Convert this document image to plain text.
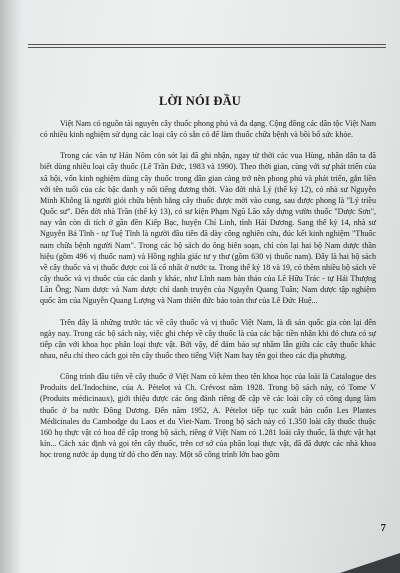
LỜI NÓI ĐẦU

Việt Nam có nguồn tài nguyên cây thuốc phong phú và đa dạng. Cộng đồng các dân tộc Việt Nam có nhiều kinh nghiệm sử dụng các loại cây cỏ sẵn có để làm thuốc chữa bệnh và bồi bổ sức khỏe.

Trong các văn tự Hán Nôm còn sót lại đã ghi nhận, ngay từ thời các vua Hùng, nhân dân ta đã biết dùng nhiều loại cây thuốc (Lê Trần Đức, 1983 và 1990). Theo thời gian, cùng với sự phát triển của xã hội, vốn kinh nghiệm dùng cây thuốc trong dân gian càng trở nên phong phú và phát triển, gắn liền với tên tuổi của các bậc danh y nổi tiếng đương thời. Vào đời nhà Lý (thế kỷ 12), có nhà sư Nguyễn Minh Không là người giỏi chữa bệnh bằng cây thuốc được mời vào cung, sau được phong là "Lý triều Quốc sư". Đến đời nhà Trần (thế kỷ 13), có sư kiện Phạm Ngũ Lão xây dựng vườn thuốc "Dược Sơn", nay vẫn còn di tích ở gần đền Kiếp Bạc, huyện Chí Linh, tỉnh Hải Dương. Sang thế kỷ 14, nhà sư Nguyễn Bá Tĩnh - tự Tuệ Tĩnh là người đầu tiên đã dày công nghiên cứu, đúc kết kinh nghiệm "Thuốc nam chữa bệnh người Nam". Trong các bộ sách do ông biên soạn, chỉ còn lại hai bộ Nam dược thần hiệu (gồm 496 vị thuốc nam) và Hồng nghĩa giác tư y thư (gồm 630 vị thuốc nam). Đây là hai bộ sách về cây thuốc và vị thuốc được coi là cổ nhất ở nước ta. Trong thế kỷ 18 và 19, có thêm nhiều bộ sách về cây thuốc và vị thuốc của các danh y khác, như Lĩnh nam bản thảo của Lê Hữu Trác - tự Hải Thượng Lãn Ông; Nam dược và Nam dược chỉ danh truyện của Nguyễn Quang Tuân; Nam dược tập nghiệm quốc âm của Nguyễn Quang Lượng và Nam thiên đức bảo toàn thư của Lê Đức Huệ...

Trên đây là những trước tác về cây thuốc và vị thuốc Việt Nam, là di sản quốc gia còn lại đến ngày nay. Trong các bộ sách này, việc ghi chép về cây thuốc là của các bậc tiền nhân khi đó chưa có sự tiếp cận với khoa học phân loại thực vật. Bởi vậy, để đảm bảo sự nhầm lẫn giữa các cây thuốc khác nhau, nếu chỉ theo cách gọi tên cây thuốc theo tiếng Việt Nam hay tên gọi theo các địa phương.

Công trình đầu tiên về cây thuốc ở Việt Nam có kèm theo tên khoa học của loài là Catalogue des Produits deL'Indochine, của A. Pételot và Ch. Crévost năm 1928. Trong bộ sách này, có Tome V (Produits médicinaux), giới thiệu được các ông đánh riêng đề cập về các loài cây có công dụng làm thuốc ở ba nước Đông Dương. Đến năm 1952, A. Pételot tiếp tục xuất bản cuốn Les Plantes Médicinales du Cambodge du Laos et du Viet-Nam. Trong bộ sách này có 1.350 loài cây thuốc thuộc 160 họ thực vật có hoa để cập trong bộ sách, riêng ở Việt Nam có 1.281 loài cây thuốc, là thực vật hạt kín... Cách xác định và gọi tên cây thuốc, trên cơ sở của phân loại thực vật, đã đã được các nhà khoa học trong nước áp dụng từ đó cho đến nay. Một số công trình lớn bao gồm

7
